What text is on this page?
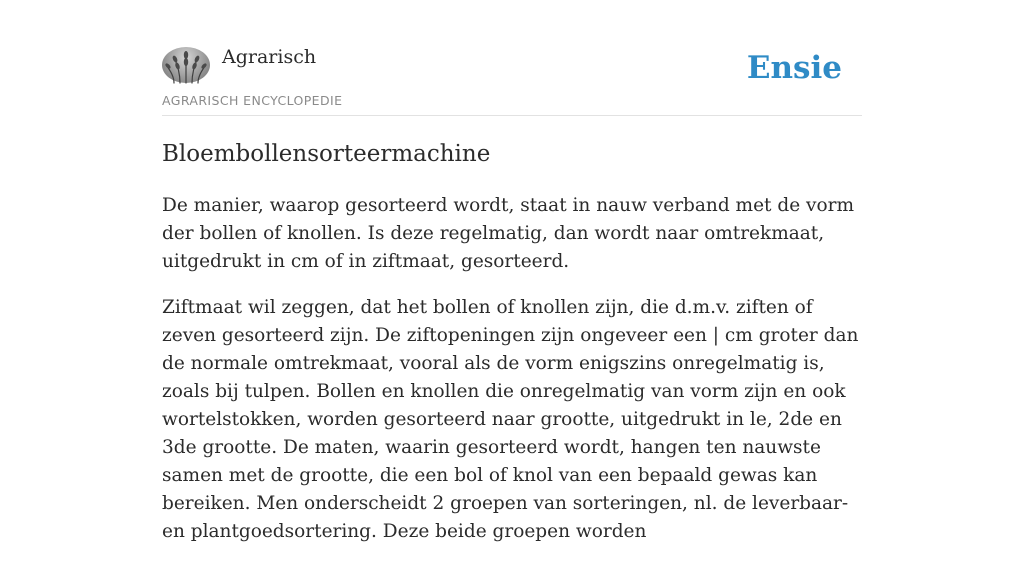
Agrarisch
AGRARISCH ENCYCLOPEDIE
Ensie
Bloembollensorteermachine

De manier, waarop gesorteerd wordt, staat in nauw verband met de vorm der bollen of knollen. Is deze regelmatig, dan wordt naar omtrekmaat, uitgedrukt in cm of in ziftmaat, gesorteerd.

Ziftmaat wil zeggen, dat het bollen of knollen zijn, die d.m.v. ziften of zeven gesorteerd zijn. De ziftopeningen zijn ongeveer een | cm groter dan de normale omtrekmaat, vooral als de vorm enigszins onregelmatig is, zoals bij tulpen. Bollen en knollen die onregelmatig van vorm zijn en ook wortelstokken, worden gesorteerd naar grootte, uitgedrukt in le, 2de en 3de grootte. De maten, waarin gesorteerd wordt, hangen ten nauwste samen met de grootte, die een bol of knol van een bepaald gewas kan bereiken. Men onderscheidt 2 groepen van sorteringen, nl. de leverbaar- en plantgoedsortering. Deze beide groepen worden
